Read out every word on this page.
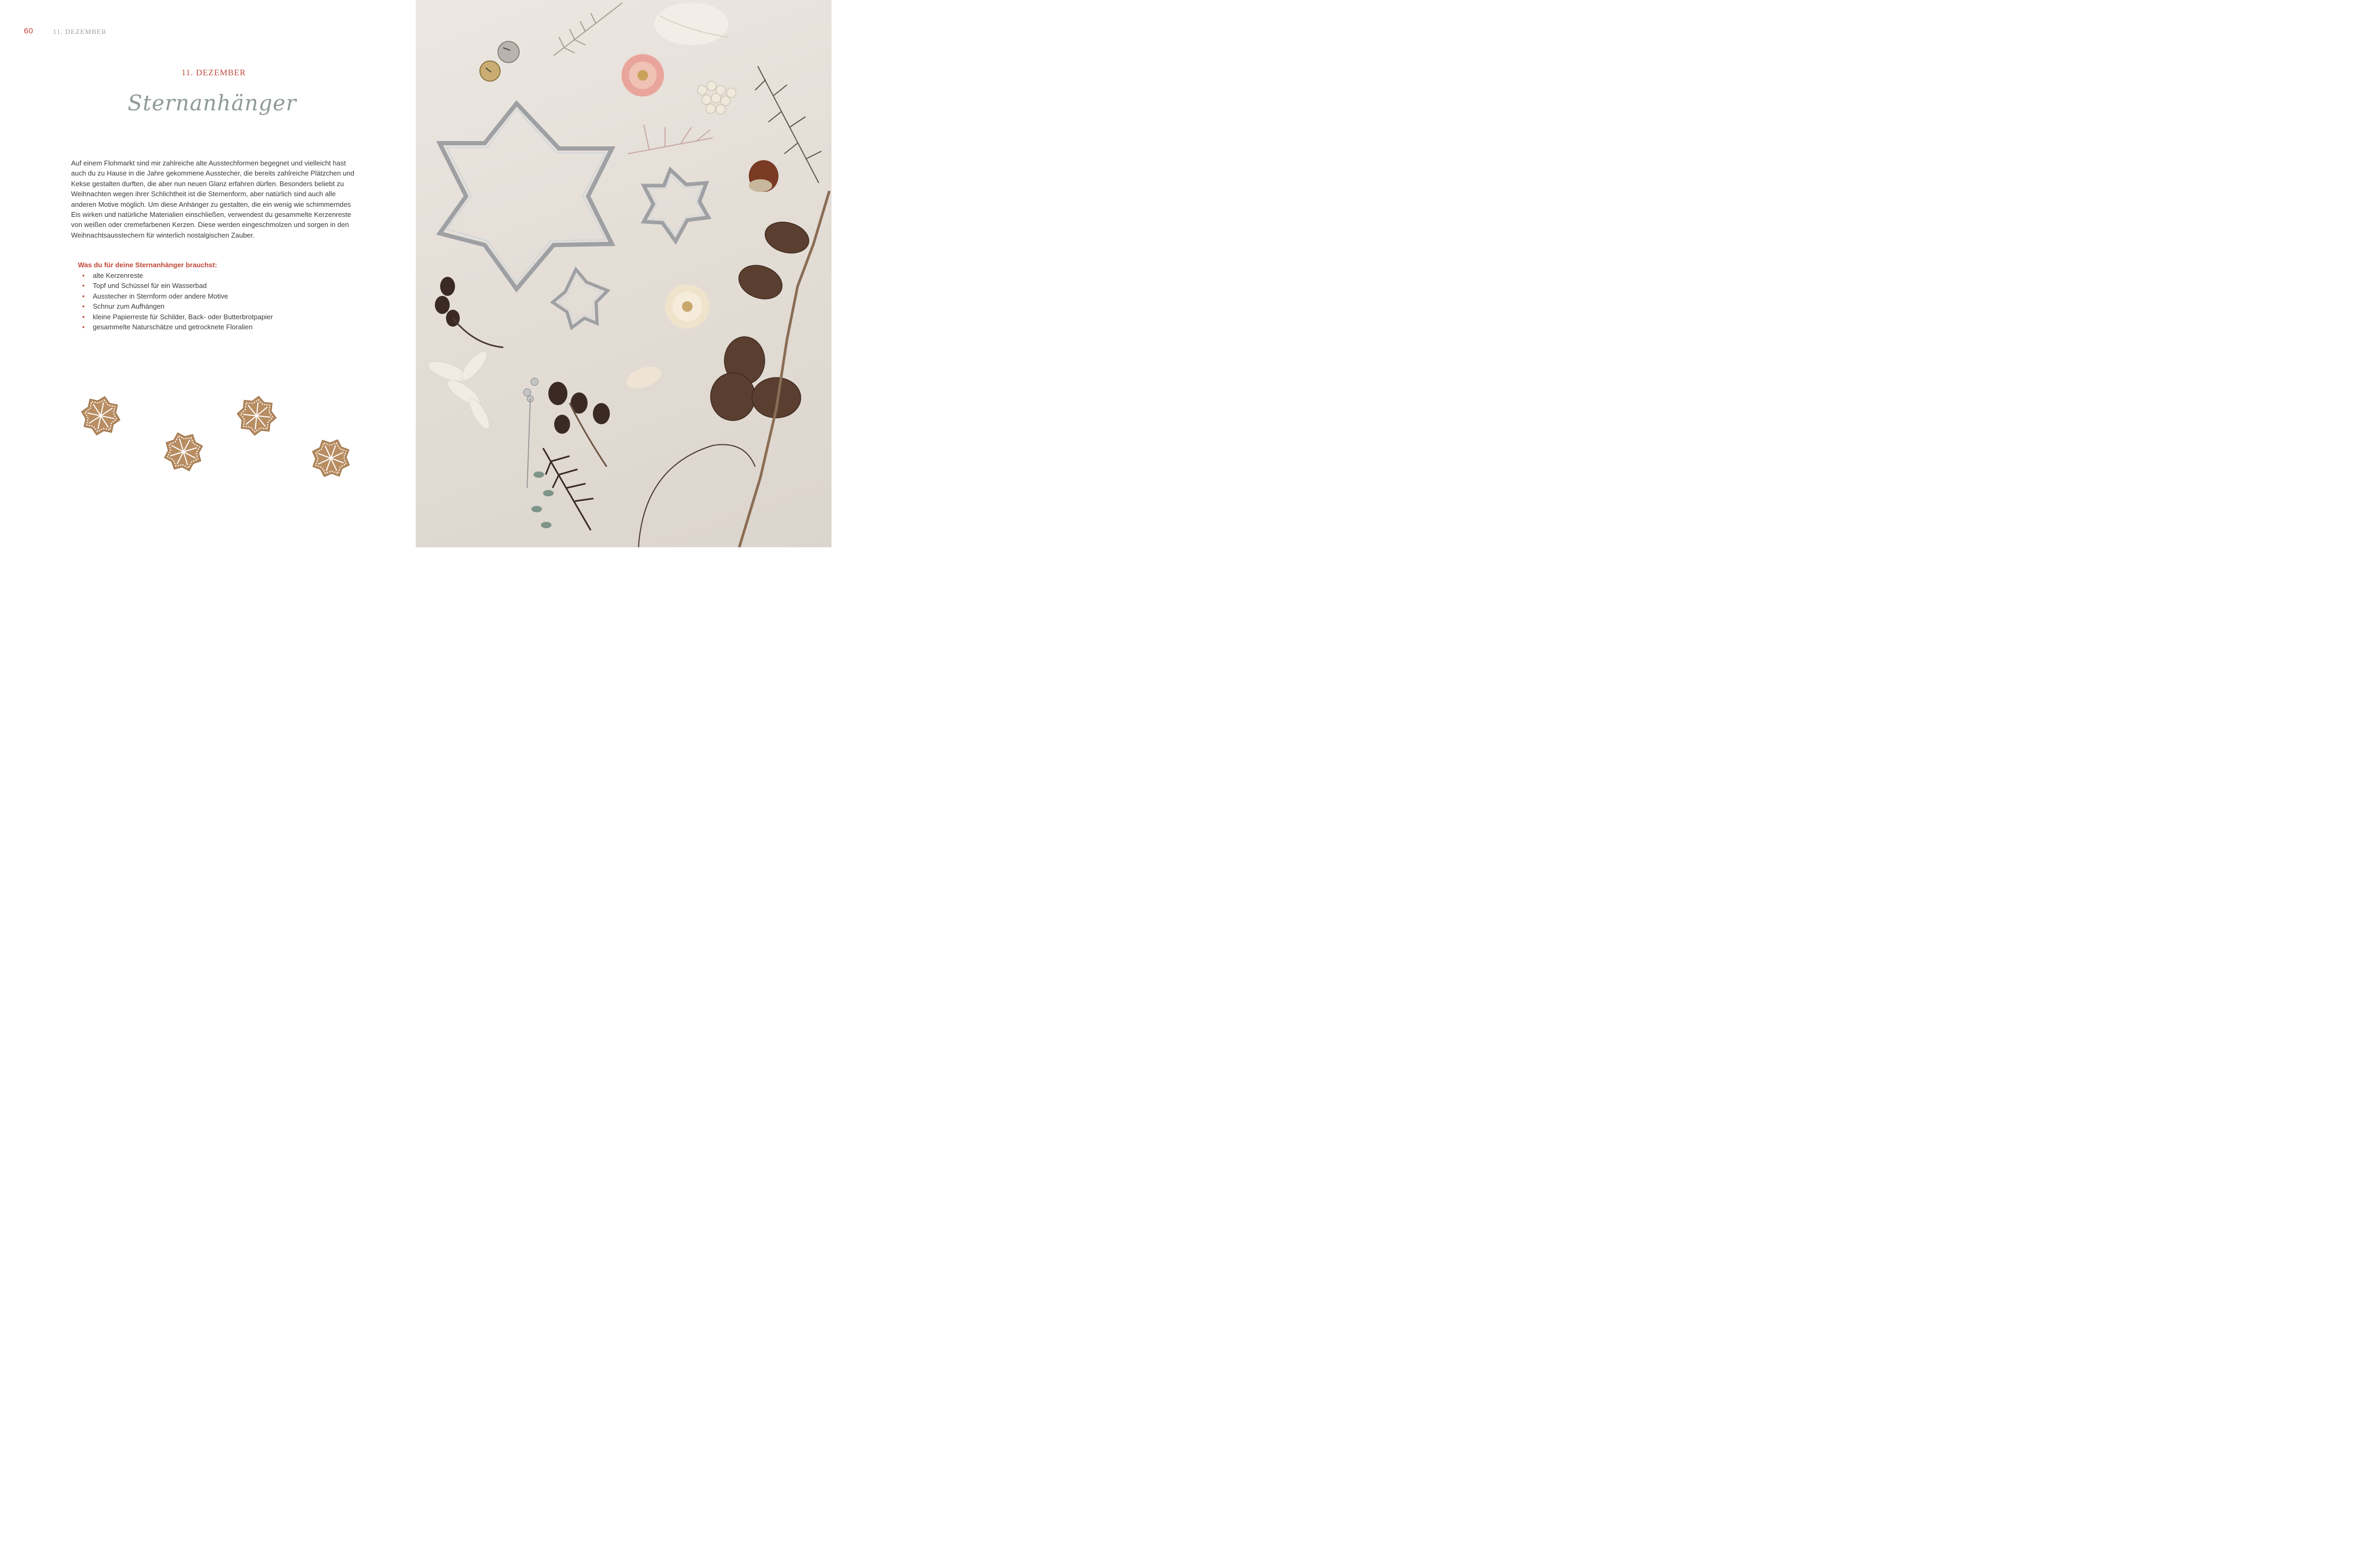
60	11. DEZEMBER
11. DEZEMBER
Sternanhänger

Auf einem Flohmarkt sind mir zahlreiche alte Ausstechformen begegnet und vielleicht hast auch du zu Hause in die Jahre gekommene Ausstecher, die bereits zahlreiche Plätzchen und Kekse gestalten durften, die aber nun neuen Glanz erfahren dürfen. Besonders beliebt zu Weihnachten wegen ihrer Schlichtheit ist die Sternenform, aber natürlich sind auch alle anderen Motive möglich. Um diese Anhänger zu gestalten, die ein wenig wie schimmerndes Eis wirken und natürliche Materialien einschließen, verwendest du gesammelte Kerzenreste von weißen oder cremefarbenen Kerzen. Diese werden eingeschmolzen und sorgen in den Weihnachtsausstechern für winterlich nostalgischen Zauber.

Was du für deine Sternanhänger brauchst:
• alte Kerzenreste
• Topf und Schüssel für ein Wasserbad
• Ausstecher in Sternform oder andere Motive
• Schnur zum Aufhängen
• kleine Papierreste für Schilder, Back- oder Butterbrotpapier
• gesammelte Naturschätze und getrocknete Floralien
